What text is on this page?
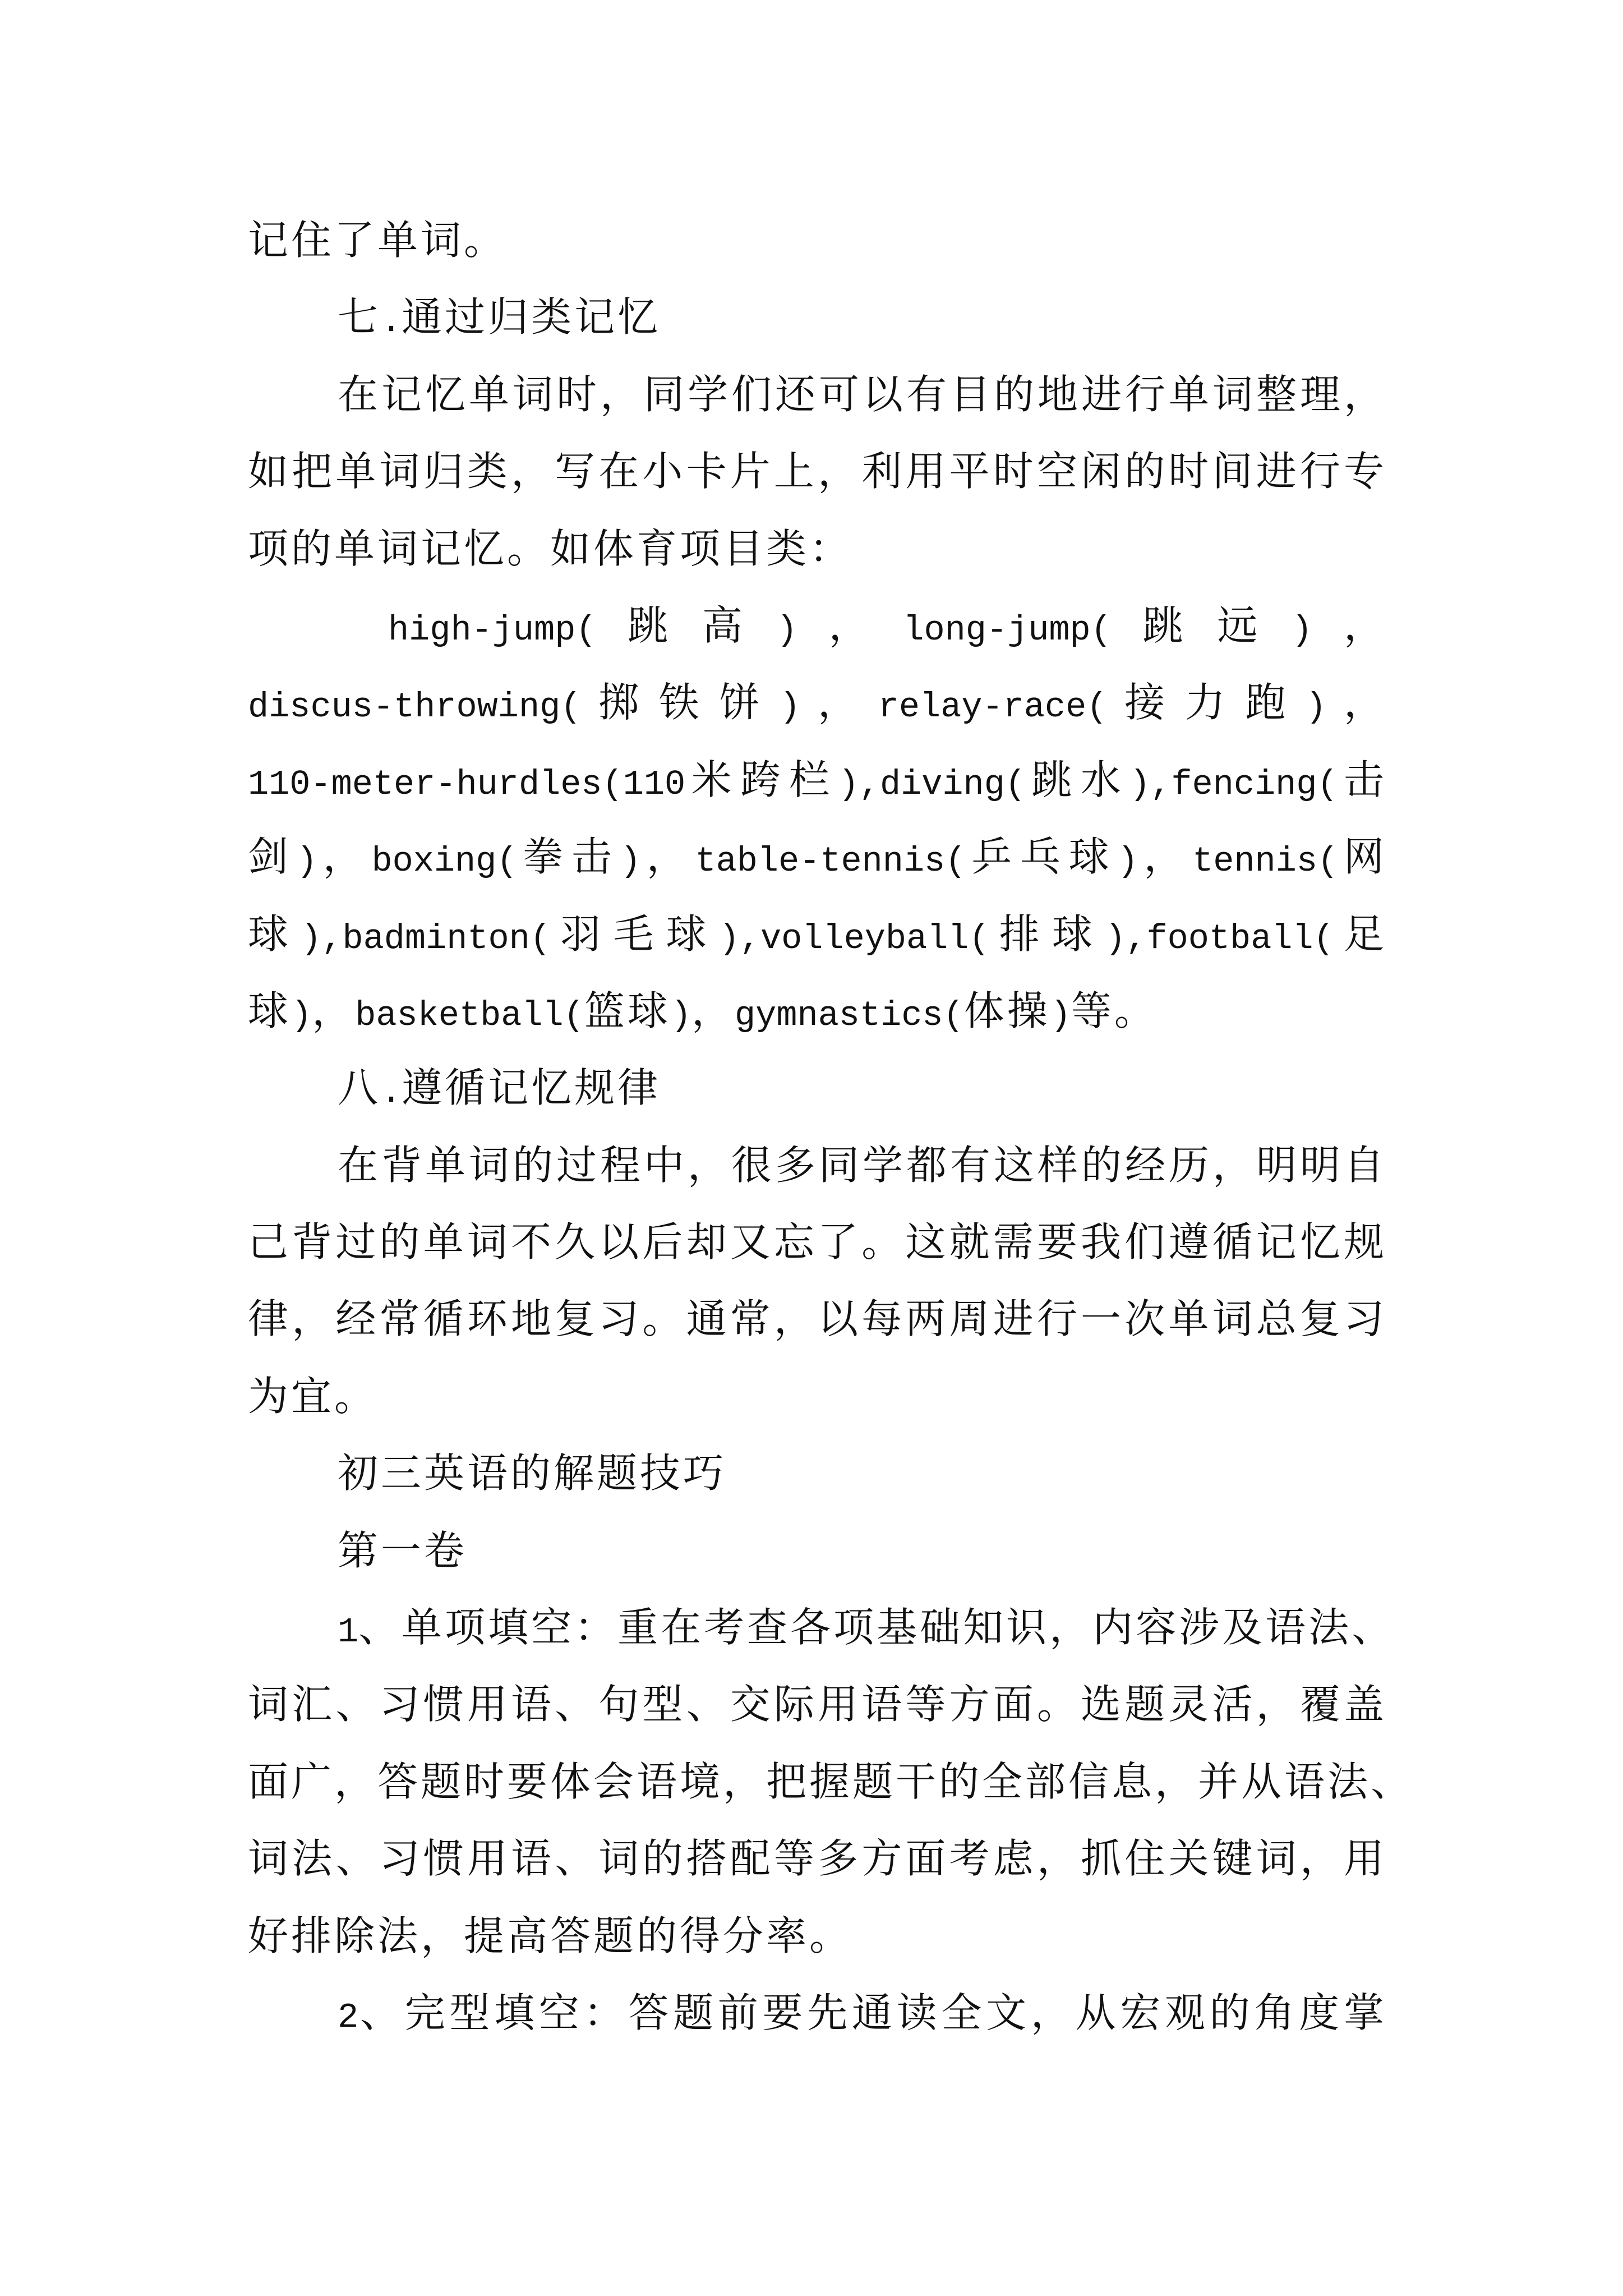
记住了单词。
七.通过归类记忆
在记忆单词时，同学们还可以有目的地进行单词整理，
如把单词归类，写在小卡片上，利用平时空闲的时间进行专
项的单词记忆。如体育项目类：
high-jump(跳高)，long-jump(跳远)，
discus-throwing(掷铁饼)，relay-race(接力跑)，
110-meter-hurdles(110米跨栏),diving(跳水),fencing(击
剑)，boxing(拳击)，table-tennis(乒乓球)，tennis(网
球),badminton(羽毛球),volleyball(排球),football(足
球)，basketball(篮球)，gymnastics(体操)等。
八.遵循记忆规律
在背单词的过程中，很多同学都有这样的经历，明明自
己背过的单词不久以后却又忘了。这就需要我们遵循记忆规
律，经常循环地复习。通常，以每两周进行一次单词总复习
为宜。
初三英语的解题技巧
第一卷
1、单项填空：重在考查各项基础知识，内容涉及语法、
词汇、习惯用语、句型、交际用语等方面。选题灵活，覆盖
面广，答题时要体会语境，把握题干的全部信息，并从语法、
词法、习惯用语、词的搭配等多方面考虑，抓住关键词，用
好排除法，提高答题的得分率。
2、完型填空：答题前要先通读全文，从宏观的角度掌
